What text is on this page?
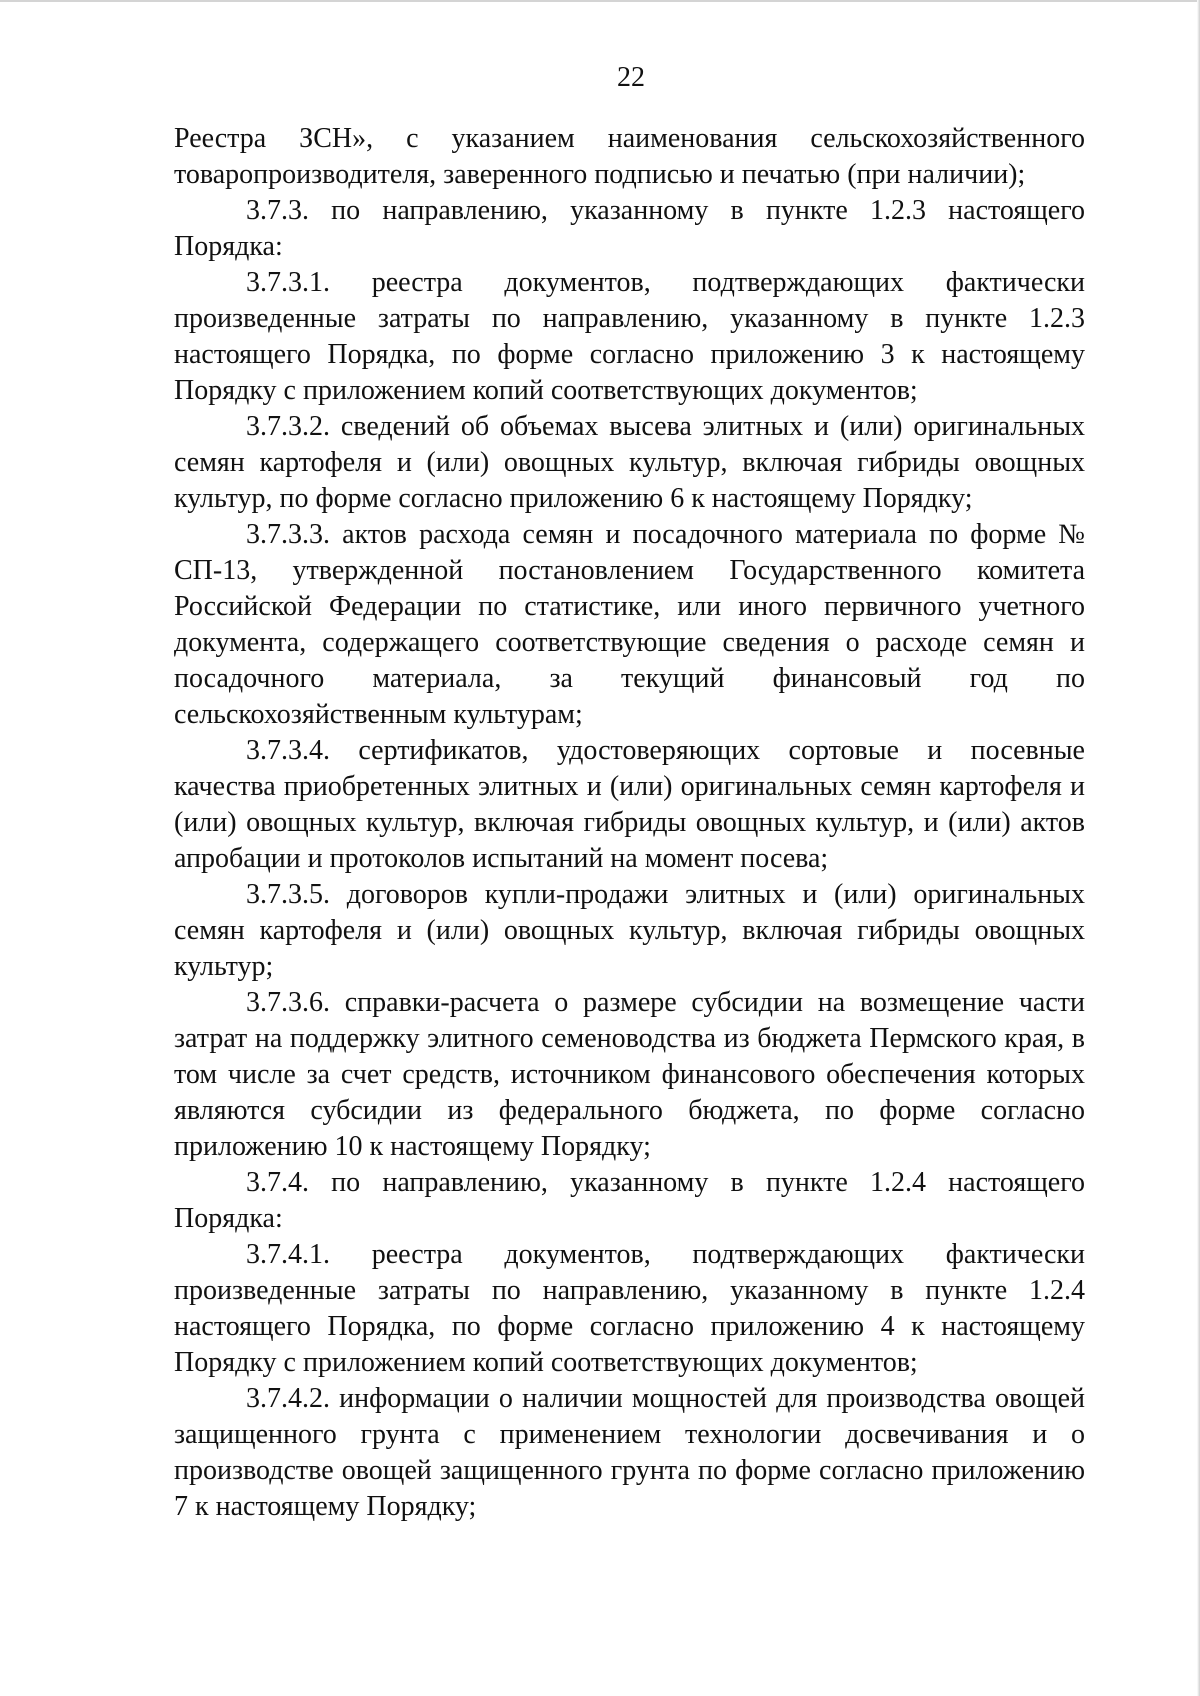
22

Реестра ЗСН», с указанием наименования сельскохозяйственного товаропроизводителя, заверенного подписью и печатью (при наличии);

3.7.3. по направлению, указанному в пункте 1.2.3 настоящего Порядка:

3.7.3.1. реестра документов, подтверждающих фактически произведенные затраты по направлению, указанному в пункте 1.2.3 настоящего Порядка, по форме согласно приложению 3 к настоящему Порядку с приложением копий соответствующих документов;

3.7.3.2. сведений об объемах высева элитных и (или) оригинальных семян картофеля и (или) овощных культур, включая гибриды овощных культур, по форме согласно приложению 6 к настоящему Порядку;

3.7.3.3. актов расхода семян и посадочного материала по форме № СП-13, утвержденной постановлением Государственного комитета Российской Федерации по статистике, или иного первичного учетного документа, содержащего соответствующие сведения о расходе семян и посадочного материала, за текущий финансовый год по сельскохозяйственным культурам;

3.7.3.4. сертификатов, удостоверяющих сортовые и посевные качества приобретенных элитных и (или) оригинальных семян картофеля и (или) овощных культур, включая гибриды овощных культур, и (или) актов апробации и протоколов испытаний на момент посева;

3.7.3.5. договоров купли-продажи элитных и (или) оригинальных семян картофеля и (или) овощных культур, включая гибриды овощных культур;

3.7.3.6. справки-расчета о размере субсидии на возмещение части затрат на поддержку элитного семеноводства из бюджета Пермского края, в том числе за счет средств, источником финансового обеспечения которых являются субсидии из федерального бюджета, по форме согласно приложению 10 к настоящему Порядку;

3.7.4. по направлению, указанному в пункте 1.2.4 настоящего Порядка:

3.7.4.1. реестра документов, подтверждающих фактически произведенные затраты по направлению, указанному в пункте 1.2.4 настоящего Порядка, по форме согласно приложению 4 к настоящему Порядку с приложением копий соответствующих документов;

3.7.4.2. информации о наличии мощностей для производства овощей защищенного грунта с применением технологии досвечивания и о производстве овощей защищенного грунта по форме согласно приложению 7 к настоящему Порядку;
